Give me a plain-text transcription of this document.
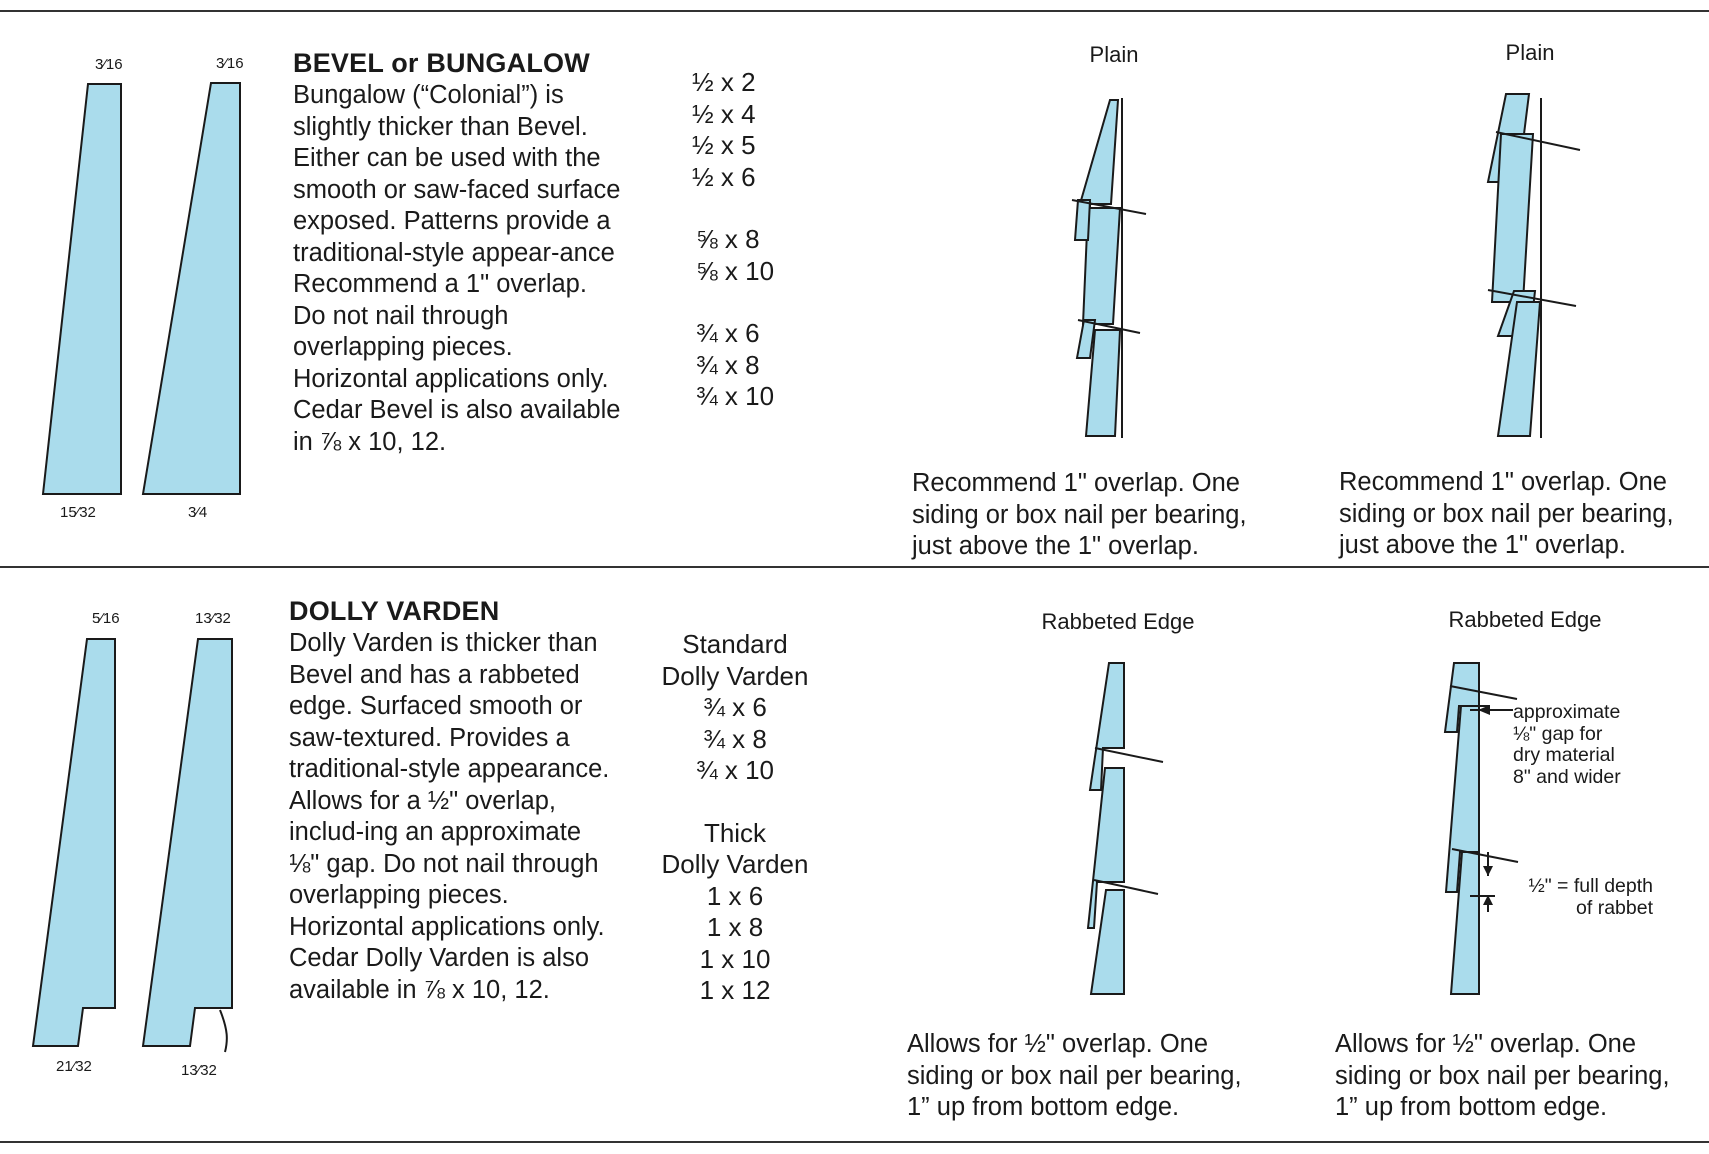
3⁄16	3⁄16
15⁄32	3⁄4
BEVEL or BUNGALOW
Bungalow (“Colonial”) is slightly thicker than Bevel. Either can be used with the smooth or saw-faced surface exposed. Patterns provide a traditional-style appear-ance Recommend a 1" overlap. Do not nail through overlapping pieces. Horizontal applications only. Cedar Bevel is also available in ⅞ x 10, 12.
½ x 2
½ x 4
½ x 5
½ x 6
⅝ x 8
⅝ x 10
¾ x 6
¾ x 8
¾ x 10
Plain	Plain
Recommend 1" overlap. One
siding or box nail per bearing,
just above the 1" overlap.
Recommend 1" overlap. One
siding or box nail per bearing,
just above the 1" overlap.
5⁄16	13⁄32
21⁄32	13⁄32
DOLLY VARDEN
Dolly Varden is thicker than Bevel and has a rabbeted edge. Surfaced smooth or saw-textured. Provides a traditional-style appearance. Allows for a ½" overlap, includ-ing an approximate ⅛" gap. Do not nail through overlapping pieces. Horizontal applications only. Cedar Dolly Varden is also available in ⅞ x 10, 12.
Standard
Dolly Varden
¾ x 6
¾ x 8
¾ x 10
Thick
Dolly Varden
1 x 6
1 x 8
1 x 10
1 x 12
Rabbeted Edge	Rabbeted Edge
approximate
⅛" gap for
dry material
8" and wider
½" = full depth
of rabbet
Allows for ½" overlap. One
siding or box nail per bearing,
1” up from bottom edge.
Allows for ½" overlap. One
siding or box nail per bearing,
1” up from bottom edge.
